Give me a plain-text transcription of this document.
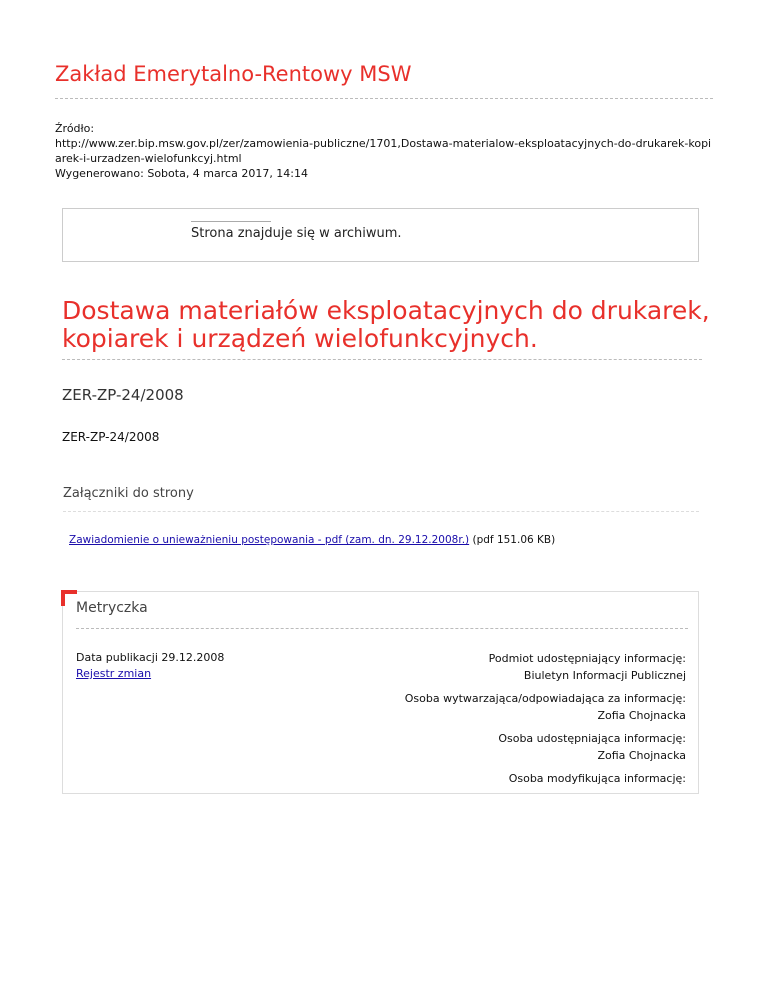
Zakład Emerytalno-Rentowy MSW
Źródło:
http://www.zer.bip.msw.gov.pl/zer/zamowienia-publiczne/1701,Dostawa-materialow-eksploatacyjnych-do-drukarek-kopiarek-i-urzadzen-wielofunkcyj.html
Wygenerowano: Sobota, 4 marca 2017, 14:14
Strona znajduje się w archiwum.
Dostawa materiałów eksploatacyjnych do drukarek, kopiarek i urządzeń wielofunkcyjnych.
ZER-ZP-24/2008
ZER-ZP-24/2008
Załączniki do strony
Zawiadomienie o unieważnieniu postępowania - pdf (zam. dn. 29.12.2008r.) (pdf 151.06 KB)
Metryczka
Data publikacji 29.12.2008
Rejestr zmian
Podmiot udostępniający informację:
Biuletyn Informacji Publicznej
Osoba wytwarzająca/odpowiadająca za informację:
Zofia Chojnacka
Osoba udostępniająca informację:
Zofia Chojnacka
Osoba modyfikująca informację:
